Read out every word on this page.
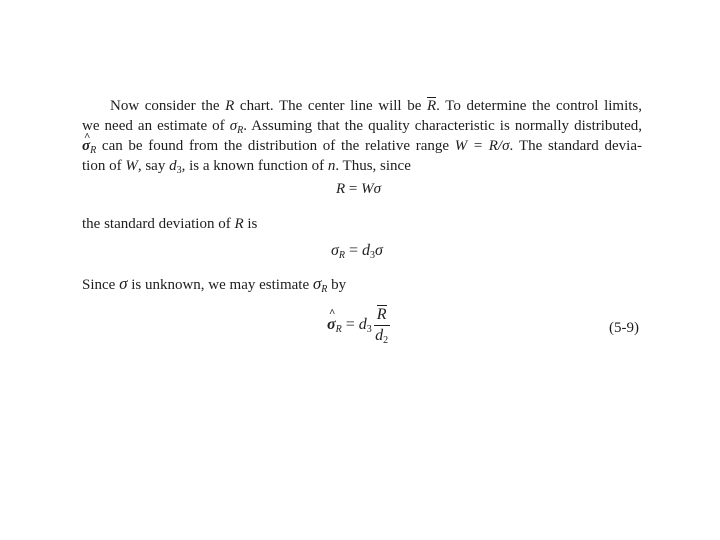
Now consider the R chart. The center line will be R. To determine the control limits,
we need an estimate of $\sigma_R$. Assuming that the quality characteristic is normally distributed,
^ $\sigma_R$ can be found from the distribution of the relative range W = R/σ. The standard devia-
tion of W, say $d_3$, is a known function of n. Thus, since
R = Wσ
the standard deviation of R is
$\sigma_R = d_3\sigma$
Since σ is unknown, we may estimate $\sigma_R$ by
^ $\sigma_R = d_3 \frac{R}{d_2}$	(5-9)
